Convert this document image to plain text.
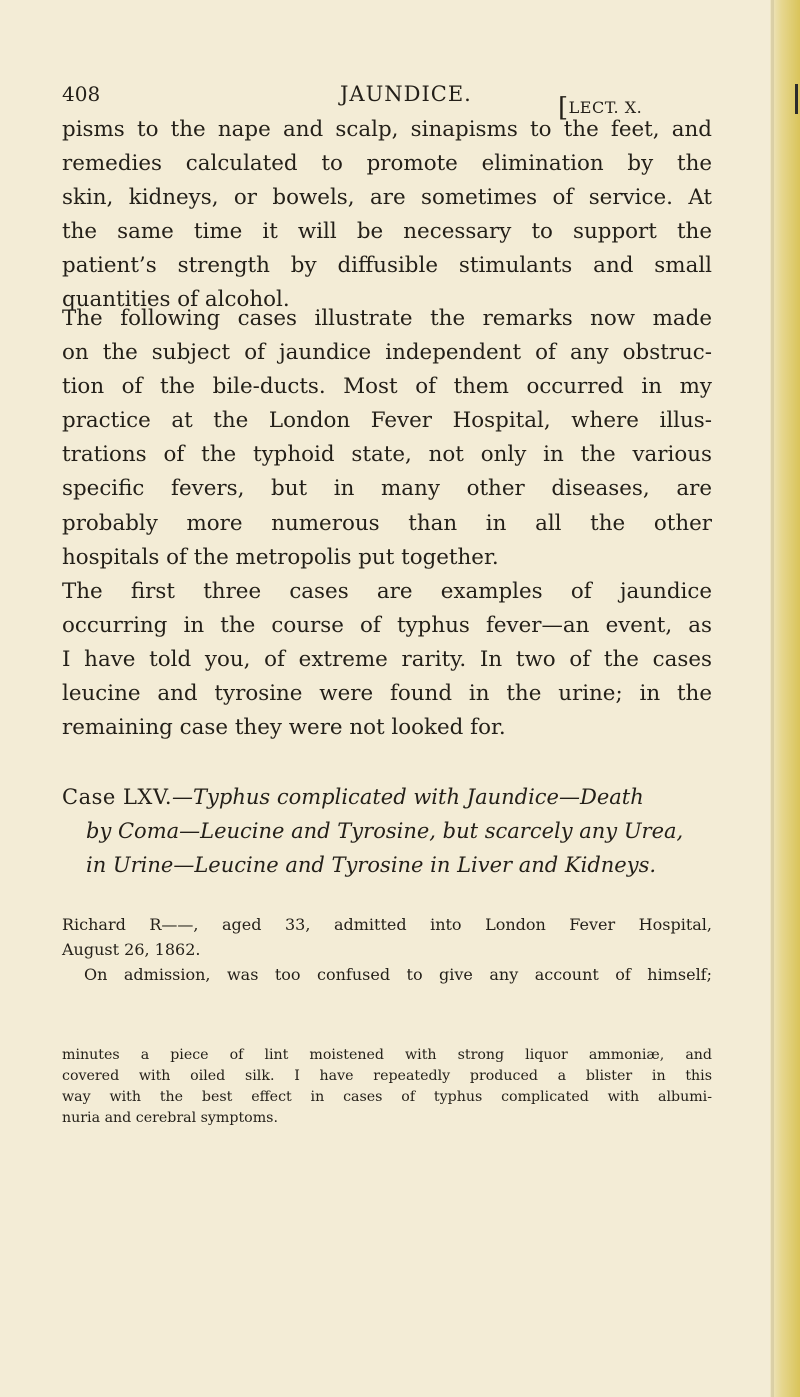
408	JAUNDICE.	[LECT. X.
pisms to the nape and scalp, sinapisms to the feet, and
remedies calculated to promote elimination by the
skin, kidneys, or bowels, are sometimes of service. At
the same time it will be necessary to support the
patient’s strength by diffusible stimulants and small
quantities of alcohol.
The following cases illustrate the remarks now made
on the subject of jaundice independent of any obstruc-
tion of the bile-ducts. Most of them occurred in my
practice at the London Fever Hospital, where illus-
trations of the typhoid state, not only in the various
specific fevers, but in many other diseases, are
probably more numerous than in all the other
hospitals of the metropolis put together.
The first three cases are examples of jaundice
occurring in the course of typhus fever—an event, as
I have told you, of extreme rarity. In two of the cases
leucine and tyrosine were found in the urine; in the
remaining case they were not looked for.
Case LXV.—Typhus complicated with Jaundice—Death
by Coma—Leucine and Tyrosine, but scarcely any Urea,
in Urine—Leucine and Tyrosine in Liver and Kidneys.
Richard R——, aged 33, admitted into London Fever Hospital,
August 26, 1862.
On admission, was too confused to give any account of himself;
minutes a piece of lint moistened with strong liquor ammoniæ, and
covered with oiled silk. I have repeatedly produced a blister in this
way with the best effect in cases of typhus complicated with albumi-
nuria and cerebral symptoms.
